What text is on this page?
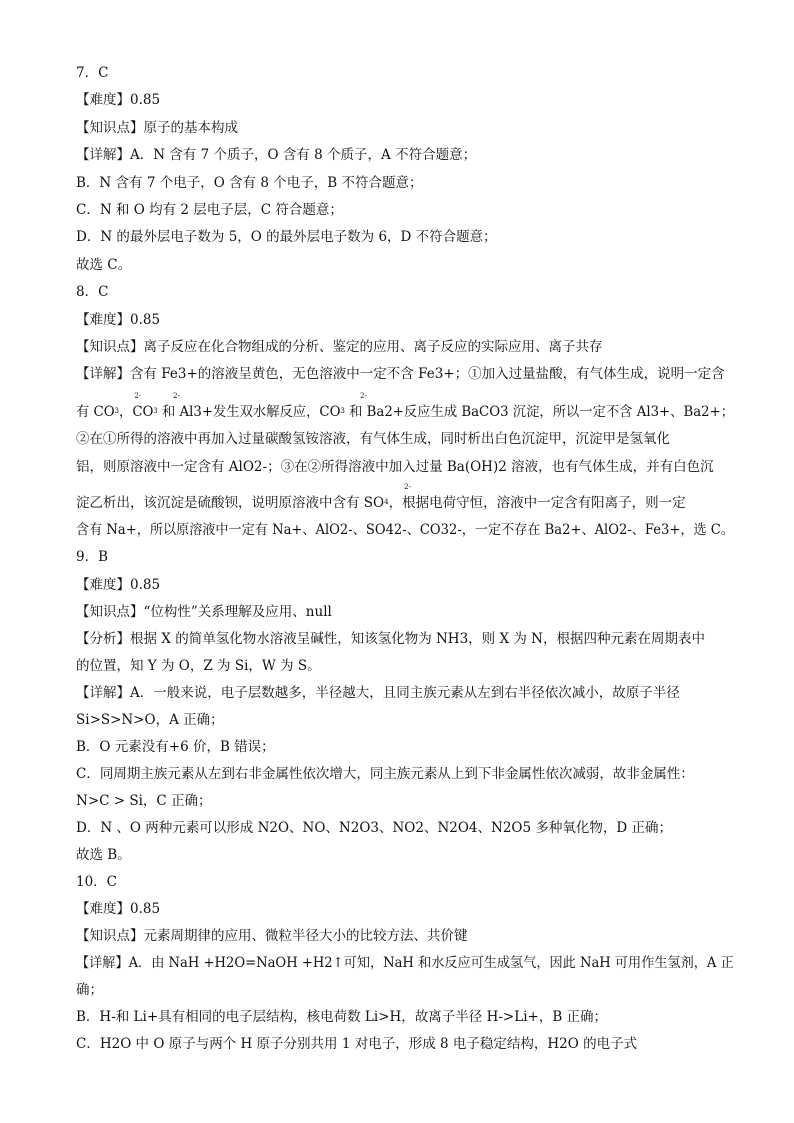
7．C

【难度】0.85

【知识点】原子的基本构成

【详解】A．N 含有 7 个质子，O 含有 8 个质子，A 不符合题意；

B．N 含有 7 个电子，O 含有 8 个电子，B 不符合题意；

C．N 和 O 均有 2 层电子层，C 符合题意；

D．N 的最外层电子数为 5，O 的最外层电子数为 6，D 不符合题意；

故选 C。

8．C

【难度】0.85

【知识点】离子反应在化合物组成的分析、鉴定的应用、离子反应的实际应用、离子共存

【详解】含有 Fe3+的溶液呈黄色，无色溶液中一定不含 Fe3+；①加入过量盐酸，有气体生成，说明一定含

有 $CO^3$
2-
，$CO^3$
2-
和 Al3+发生双水解反应，$CO^3$
2-
和 Ba2+反应生成 BaCO3 沉淀，所以一定不含 Al3+、Ba2+；

②在①所得的溶液中再加入过量碳酸氢铵溶液，有气体生成，同时析出白色沉淀甲，沉淀甲是氢氧化

铝，则原溶液中一定含有 AlO2-；③在②所得溶液中加入过量 Ba(OH)2 溶液，也有气体生成，并有白色沉

淀乙析出，该沉淀是硫酸钡，说明原溶液中含有 $SO^4$
2-
，根据电荷守恒，溶液中一定含有阳离子，则一定

含有 Na+，所以原溶液中一定有 Na+、AlO2-、SO42-、CO32-，一定不存在 Ba2+、AlO2-、Fe3+，选 C。

9．B

【难度】0.85

【知识点】“位构性”关系理解及应用、null

【分析】根据 X 的简单氢化物水溶液呈碱性，知该氢化物为 NH3，则 X 为 N，根据四种元素在周期表中

的位置，知 Y 为 O，Z 为 Si，W 为 S。

【详解】A．一般来说，电子层数越多，半径越大，且同主族元素从左到右半径依次减小，故原子半径

Si>S>N>O，A 正确；

B．O 元素没有+6 价，B 错误；

C．同周期主族元素从左到右非金属性依次增大，同主族元素从上到下非金属性依次减弱，故非金属性：

N>C > Si，C 正确；

D．N 、O 两种元素可以形成 N2O、NO、N2O3、NO2、N2O4、N2O5 多种氧化物，D 正确；

故选 B。

10．C

【难度】0.85

【知识点】元素周期律的应用、微粒半径大小的比较方法、共价键

【详解】A．由 NaH +H2O=NaOH +H2↑可知，NaH 和水反应可生成氢气，因此 NaH 可用作生氢剂，A 正

确；

B．H-和 Li+具有相同的电子层结构，核电荷数 Li>H，故离子半径 H->Li+，B 正确；

C．H2O 中 O 原子与两个 H 原子分别共用 1 对电子，形成 8 电子稳定结构，H2O 的电子式
